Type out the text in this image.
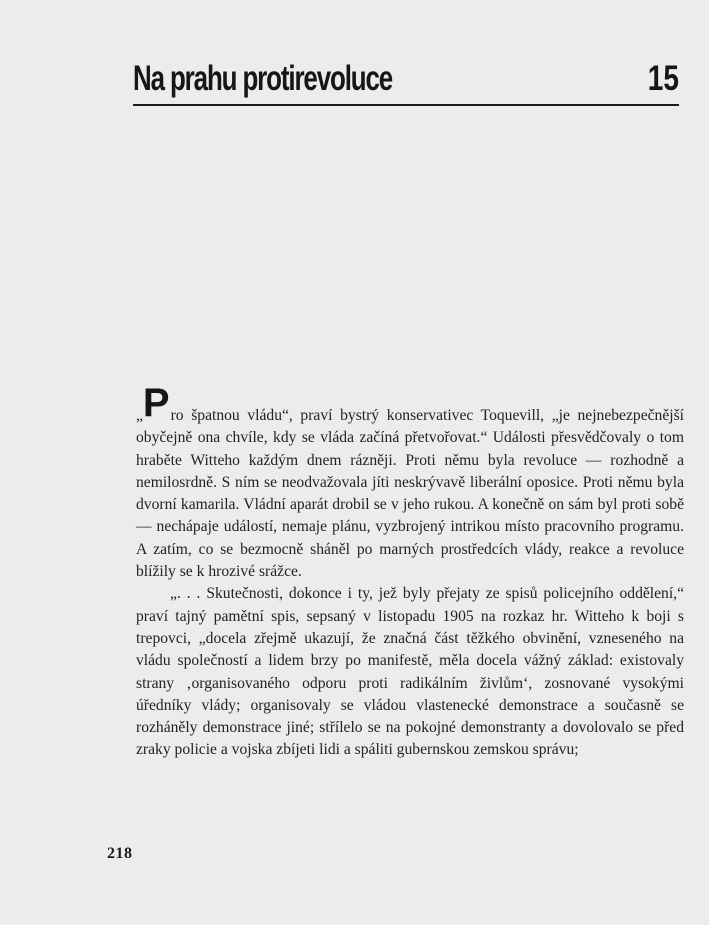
Na prahu protirevoluce	15

„Pro špatnou vládu“, praví bystrý konservativec Toquevill, „je nejnebezpečnější obyčejně ona chvíle, kdy se vláda začíná přetvořovat.“ Události přesvědčovaly o tom hraběte Witteho každým dnem rázněji. Proti němu byla revoluce — rozhodně a nemilosrdně. S ním se neodvažovala jíti neskrývavě liberální oposice. Proti němu byla dvorní kamarila. Vládní aparát drobil se v jeho rukou. A konečně on sám byl proti sobě — nechápaje událostí, nemaje plánu, vyzbrojený intrikou místo pracovního programu. A zatím, co se bezmocně sháněl po marných prostředcích vlády, reakce a revoluce blížily se k hrozivé srážce.

„. . . Skutečnosti, dokonce i ty, jež byly přejaty ze spisů policejního oddělení,“ praví tajný pamětní spis, sepsaný v listopadu 1905 na rozkaz hr. Witteho k boji s trepovci, „docela zřejmě ukazují, že značná část těžkého obvinění, vzneseného na vládu společností a lidem brzy po manifestě, měla docela vážný základ: existovaly strany ‚organisovaného odporu proti radikálním živlům‘, zosnované vysokými úředníky vlády; organisovaly se vládou vlastenecké demonstrace a současně se rozháněly demonstrace jiné; střílelo se na pokojné demonstranty a dovolovalo se před zraky policie a vojska zbíjeti lidi a spáliti gubernskou zemskou správu;

218
